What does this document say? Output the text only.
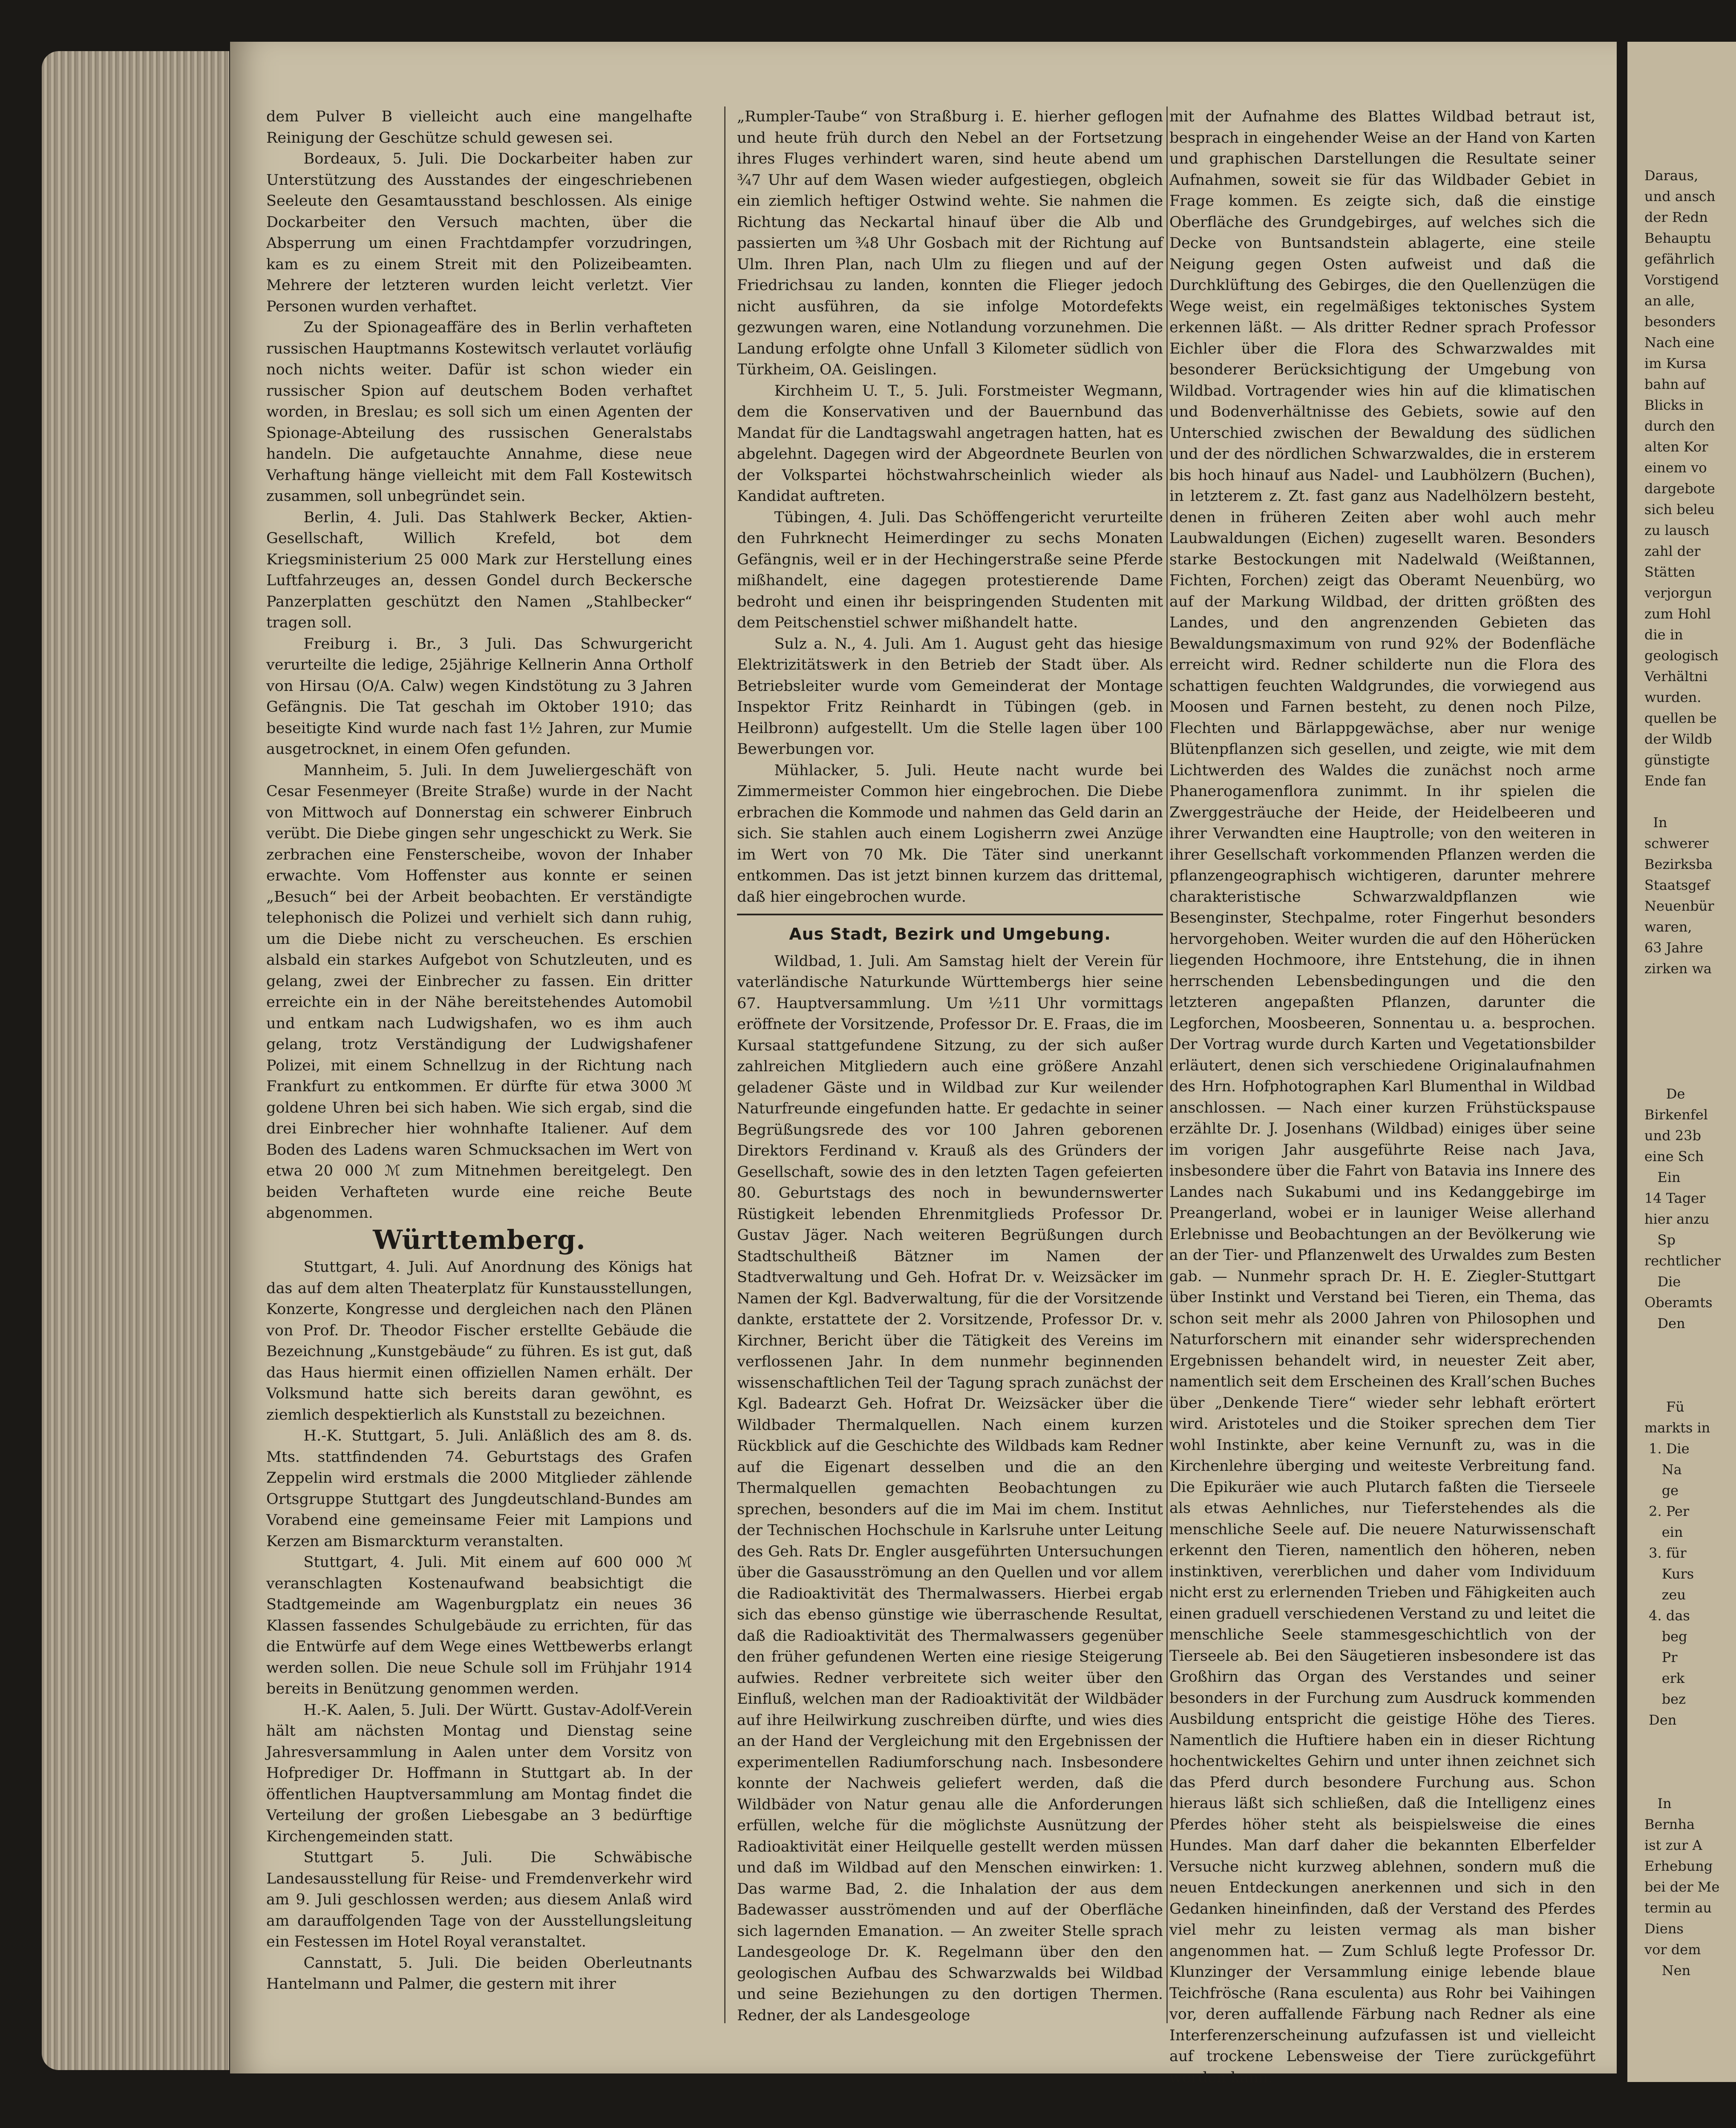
Daraus,
und ansch
der Redn
Behauptu
gefährlich
Vorstigend
an alle,
besonders
Nach eine
im Kursa
bahn auf
Blicks in
durch den
alten Kor
einem vo
dargebote
sich beleu
zu lausch
zahl der
Stätten
verjorgun
zum Hohl
die in
geologisch
Verhältni
wurden.
quellen be
der Wildb
günstigte
Ende fan

In
schwerer
Bezirksba
Staatsgef
Neuenbür
waren,
63 Jahre
zirken wa

De
Birkenfel
und 23b
eine Sch
Ein
14 Tager
hier anzu
Sp
rechtlicher
Die
Oberamts
Den

Fü
markts in
1. Die
Na
ge
2. Per
ein
3. für
Kurs
zeu
4. das
beg
Pr
erk
bez
Den

In
Bernha
ist zur A
Erhebung
bei der Me
termin au
Diens
vor dem
Nen

dem Pulver B vielleicht auch eine mangelhafte Reinigung der Geschütze schuld gewesen sei.

Bordeaux, 5. Juli. Die Dockarbeiter haben zur Unterstützung des Ausstandes der eingeschriebenen Seeleute den Gesamtausstand beschlossen. Als einige Dockarbeiter den Versuch machten, über die Absperrung um einen Frachtdampfer vorzudringen, kam es zu einem Streit mit den Polizeibeamten. Mehrere der letzteren wurden leicht verletzt. Vier Personen wurden verhaftet.

Zu der Spionageaffäre des in Berlin verhafteten russischen Hauptmanns Kostewitsch verlautet vorläufig noch nichts weiter. Dafür ist schon wieder ein russischer Spion auf deutschem Boden verhaftet worden, in Breslau; es soll sich um einen Agenten der Spionage-Abteilung des russischen Generalstabs handeln. Die aufgetauchte Annahme, diese neue Verhaftung hänge vielleicht mit dem Fall Kostewitsch zusammen, soll unbegründet sein.

Berlin, 4. Juli. Das Stahlwerk Becker, Aktien-Gesellschaft, Willich Krefeld, bot dem Kriegsministerium 25 000 Mark zur Herstellung eines Luftfahrzeuges an, dessen Gondel durch Beckersche Panzerplatten geschützt den Namen „Stahlbecker“ tragen soll.

Freiburg i. Br., 3 Juli. Das Schwurgericht verurteilte die ledige, 25jährige Kellnerin Anna Ortholf von Hirsau (O/A. Calw) wegen Kindstötung zu 3 Jahren Gefängnis. Die Tat geschah im Oktober 1910; das beseitigte Kind wurde nach fast 1½ Jahren, zur Mumie ausgetrocknet, in einem Ofen gefunden.

Mannheim, 5. Juli. In dem Juweliergeschäft von Cesar Fesenmeyer (Breite Straße) wurde in der Nacht von Mittwoch auf Donnerstag ein schwerer Einbruch verübt. Die Diebe gingen sehr ungeschickt zu Werk. Sie zerbrachen eine Fensterscheibe, wovon der Inhaber erwachte. Vom Hoffenster aus konnte er seinen „Besuch“ bei der Arbeit beobachten. Er verständigte telephonisch die Polizei und verhielt sich dann ruhig, um die Diebe nicht zu verscheuchen. Es erschien alsbald ein starkes Aufgebot von Schutzleuten, und es gelang, zwei der Einbrecher zu fassen. Ein dritter erreichte ein in der Nähe bereitstehendes Automobil und entkam nach Ludwigshafen, wo es ihm auch gelang, trotz Verständigung der Ludwigshafener Polizei, mit einem Schnellzug in der Richtung nach Frankfurt zu entkommen. Er dürfte für etwa 3000 ℳ goldene Uhren bei sich haben. Wie sich ergab, sind die drei Einbrecher hier wohnhafte Italiener. Auf dem Boden des Ladens waren Schmucksachen im Wert von etwa 20 000 ℳ zum Mitnehmen bereitgelegt. Den beiden Verhafteten wurde eine reiche Beute abgenommen.

Württemberg.

Stuttgart, 4. Juli. Auf Anordnung des Königs hat das auf dem alten Theaterplatz für Kunstausstellungen, Konzerte, Kongresse und dergleichen nach den Plänen von Prof. Dr. Theodor Fischer erstellte Gebäude die Bezeichnung „Kunstgebäude“ zu führen. Es ist gut, daß das Haus hiermit einen offiziellen Namen erhält. Der Volksmund hatte sich bereits daran gewöhnt, es ziemlich despektierlich als Kunststall zu bezeichnen.

H.-K. Stuttgart, 5. Juli. Anläßlich des am 8. ds. Mts. stattfindenden 74. Geburtstags des Grafen Zeppelin wird erstmals die 2000 Mitglieder zählende Ortsgruppe Stuttgart des Jungdeutschland-Bundes am Vorabend eine gemeinsame Feier mit Lampions und Kerzen am Bismarckturm veranstalten.

Stuttgart, 4. Juli. Mit einem auf 600 000 ℳ veranschlagten Kostenaufwand beabsichtigt die Stadtgemeinde am Wagenburgplatz ein neues 36 Klassen fassendes Schulgebäude zu errichten, für das die Entwürfe auf dem Wege eines Wettbewerbs erlangt werden sollen. Die neue Schule soll im Frühjahr 1914 bereits in Benützung genommen werden.

H.-K. Aalen, 5. Juli. Der Württ. Gustav-Adolf-Verein hält am nächsten Montag und Dienstag seine Jahresversammlung in Aalen unter dem Vorsitz von Hofprediger Dr. Hoffmann in Stuttgart ab. In der öffentlichen Hauptversammlung am Montag findet die Verteilung der großen Liebesgabe an 3 bedürftige Kirchengemeinden statt.

Stuttgart 5. Juli. Die Schwäbische Landesausstellung für Reise- und Fremdenverkehr wird am 9. Juli geschlossen werden; aus diesem Anlaß wird am darauffolgenden Tage von der Ausstellungsleitung ein Festessen im Hotel Royal veranstaltet.

Cannstatt, 5. Juli. Die beiden Oberleutnants Hantelmann und Palmer, die gestern mit ihrer

„Rumpler-Taube“ von Straßburg i. E. hierher geflogen und heute früh durch den Nebel an der Fortsetzung ihres Fluges verhindert waren, sind heute abend um ¾7 Uhr auf dem Wasen wieder aufgestiegen, obgleich ein ziemlich heftiger Ostwind wehte. Sie nahmen die Richtung das Neckartal hinauf über die Alb und passierten um ¾8 Uhr Gosbach mit der Richtung auf Ulm. Ihren Plan, nach Ulm zu fliegen und auf der Friedrichsau zu landen, konnten die Flieger jedoch nicht ausführen, da sie infolge Motordefekts gezwungen waren, eine Notlandung vorzunehmen. Die Landung erfolgte ohne Unfall 3 Kilometer südlich von Türkheim, OA. Geislingen.

Kirchheim U. T., 5. Juli. Forstmeister Wegmann, dem die Konservativen und der Bauernbund das Mandat für die Landtagswahl angetragen hatten, hat es abgelehnt. Dagegen wird der Abgeordnete Beurlen von der Volkspartei höchstwahrscheinlich wieder als Kandidat auftreten.

Tübingen, 4. Juli. Das Schöffengericht verurteilte den Fuhrknecht Heimerdinger zu sechs Monaten Gefängnis, weil er in der Hechingerstraße seine Pferde mißhandelt, eine dagegen protestierende Dame bedroht und einen ihr beispringenden Studenten mit dem Peitschenstiel schwer mißhandelt hatte.

Sulz a. N., 4. Juli. Am 1. August geht das hiesige Elektrizitätswerk in den Betrieb der Stadt über. Als Betriebsleiter wurde vom Gemeinderat der Montage Inspektor Fritz Reinhardt in Tübingen (geb. in Heilbronn) aufgestellt. Um die Stelle lagen über 100 Bewerbungen vor.

Mühlacker, 5. Juli. Heute nacht wurde bei Zimmermeister Common hier eingebrochen. Die Diebe erbrachen die Kommode und nahmen das Geld darin an sich. Sie stahlen auch einem Logisherrn zwei Anzüge im Wert von 70 Mk. Die Täter sind unerkannt entkommen. Das ist jetzt binnen kurzem das drittemal, daß hier eingebrochen wurde.

Aus Stadt, Bezirk und Umgebung.

Wildbad, 1. Juli. Am Samstag hielt der Verein für vaterländische Naturkunde Württembergs hier seine 67. Hauptversammlung. Um ½11 Uhr vormittags eröffnete der Vorsitzende, Professor Dr. E. Fraas, die im Kursaal stattgefundene Sitzung, zu der sich außer zahlreichen Mitgliedern auch eine größere Anzahl geladener Gäste und in Wildbad zur Kur weilender Naturfreunde eingefunden hatte. Er gedachte in seiner Begrüßungsrede des vor 100 Jahren geborenen Direktors Ferdinand v. Krauß als des Gründers der Gesellschaft, sowie des in den letzten Tagen gefeierten 80. Geburtstags des noch in bewundernswerter Rüstigkeit lebenden Ehrenmitglieds Professor Dr. Gustav Jäger. Nach weiteren Begrüßungen durch Stadtschultheiß Bätzner im Namen der Stadtverwaltung und Geh. Hofrat Dr. v. Weizsäcker im Namen der Kgl. Badverwaltung, für die der Vorsitzende dankte, erstattete der 2. Vorsitzende, Professor Dr. v. Kirchner, Bericht über die Tätigkeit des Vereins im verflossenen Jahr. In dem nunmehr beginnenden wissenschaftlichen Teil der Tagung sprach zunächst der Kgl. Badearzt Geh. Hofrat Dr. Weizsäcker über die Wildbader Thermalquellen. Nach einem kurzen Rückblick auf die Geschichte des Wildbads kam Redner auf die Eigenart desselben und die an den Thermalquellen gemachten Beobachtungen zu sprechen, besonders auf die im Mai im chem. Institut der Technischen Hochschule in Karlsruhe unter Leitung des Geh. Rats Dr. Engler ausgeführten Untersuchungen über die Gasausströmung an den Quellen und vor allem die Radioaktivität des Thermalwassers. Hierbei ergab sich das ebenso günstige wie überraschende Resultat, daß die Radioaktivität des Thermalwassers gegenüber den früher gefundenen Werten eine riesige Steigerung aufwies. Redner verbreitete sich weiter über den Einfluß, welchen man der Radioaktivität der Wildbäder auf ihre Heilwirkung zuschreiben dürfte, und wies dies an der Hand der Vergleichung mit den Ergebnissen der experimentellen Radiumforschung nach. Insbesondere konnte der Nachweis geliefert werden, daß die Wildbäder von Natur genau alle die Anforderungen erfüllen, welche für die möglichste Ausnützung der Radioaktivität einer Heilquelle gestellt werden müssen und daß im Wildbad auf den Menschen einwirken: 1. Das warme Bad, 2. die Inhalation der aus dem Badewasser ausströmenden und auf der Oberfläche sich lagernden Emanation. — An zweiter Stelle sprach Landesgeologe Dr. K. Regelmann über den den geologischen Aufbau des Schwarzwalds bei Wildbad und seine Beziehungen zu den dortigen Thermen. Redner, der als Landesgeologe

mit der Aufnahme des Blattes Wildbad betraut ist, besprach in eingehender Weise an der Hand von Karten und graphischen Darstellungen die Resultate seiner Aufnahmen, soweit sie für das Wildbader Gebiet in Frage kommen. Es zeigte sich, daß die einstige Oberfläche des Grundgebirges, auf welches sich die Decke von Buntsandstein ablagerte, eine steile Neigung gegen Osten aufweist und daß die Durchklüftung des Gebirges, die den Quellenzügen die Wege weist, ein regelmäßiges tektonisches System erkennen läßt. — Als dritter Redner sprach Professor Eichler über die Flora des Schwarzwaldes mit besonderer Berücksichtigung der Umgebung von Wildbad. Vortragender wies hin auf die klimatischen und Bodenverhältnisse des Gebiets, sowie auf den Unterschied zwischen der Bewaldung des südlichen und der des nördlichen Schwarzwaldes, die in ersterem bis hoch hinauf aus Nadel- und Laubhölzern (Buchen), in letzterem z. Zt. fast ganz aus Nadelhölzern besteht, denen in früheren Zeiten aber wohl auch mehr Laubwaldungen (Eichen) zugesellt waren. Besonders starke Bestockungen mit Nadelwald (Weißtannen, Fichten, Forchen) zeigt das Oberamt Neuenbürg, wo auf der Markung Wildbad, der dritten größten des Landes, und den angrenzenden Gebieten das Bewaldungsmaximum von rund 92% der Bodenfläche erreicht wird. Redner schilderte nun die Flora des schattigen feuchten Waldgrundes, die vorwiegend aus Moosen und Farnen besteht, zu denen noch Pilze, Flechten und Bärlappgewächse, aber nur wenige Blütenpflanzen sich gesellen, und zeigte, wie mit dem Lichtwerden des Waldes die zunächst noch arme Phanerogamenflora zunimmt. In ihr spielen die Zwerggesträuche der Heide, der Heidelbeeren und ihrer Verwandten eine Hauptrolle; von den weiteren in ihrer Gesellschaft vorkommenden Pflanzen werden die pflanzengeographisch wichtigeren, darunter mehrere charakteristische Schwarzwaldpflanzen wie Besenginster, Stechpalme, roter Fingerhut besonders hervorgehoben. Weiter wurden die auf den Höherücken liegenden Hochmoore, ihre Entstehung, die in ihnen herrschenden Lebensbedingungen und die den letzteren angepaßten Pflanzen, darunter die Legforchen, Moosbeeren, Sonnentau u. a. besprochen. Der Vortrag wurde durch Karten und Vegetationsbilder erläutert, denen sich verschiedene Originalaufnahmen des Hrn. Hofphotographen Karl Blumenthal in Wildbad anschlossen. — Nach einer kurzen Frühstückspause erzählte Dr. J. Josenhans (Wildbad) einiges über seine im vorigen Jahr ausgeführte Reise nach Java, insbesondere über die Fahrt von Batavia ins Innere des Landes nach Sukabumi und ins Kedanggebirge im Preangerland, wobei er in launiger Weise allerhand Erlebnisse und Beobachtungen an der Bevölkerung wie an der Tier- und Pflanzenwelt des Urwaldes zum Besten gab. — Nunmehr sprach Dr. H. E. Ziegler-Stuttgart über Instinkt und Verstand bei Tieren, ein Thema, das schon seit mehr als 2000 Jahren von Philosophen und Naturforschern mit einander sehr widersprechenden Ergebnissen behandelt wird, in neuester Zeit aber, namentlich seit dem Erscheinen des Krall’schen Buches über „Denkende Tiere“ wieder sehr lebhaft erörtert wird. Aristoteles und die Stoiker sprechen dem Tier wohl Instinkte, aber keine Vernunft zu, was in die Kirchenlehre überging und weiteste Verbreitung fand. Die Epikuräer wie auch Plutarch faßten die Tierseele als etwas Aehnliches, nur Tieferstehendes als die menschliche Seele auf. Die neuere Naturwissenschaft erkennt den Tieren, namentlich den höheren, neben instinktiven, vererblichen und daher vom Individuum nicht erst zu erlernenden Trieben und Fähigkeiten auch einen graduell verschiedenen Verstand zu und leitet die menschliche Seele stammesgeschichtlich von der Tierseele ab. Bei den Säugetieren insbesondere ist das Großhirn das Organ des Verstandes und seiner besonders in der Furchung zum Ausdruck kommenden Ausbildung entspricht die geistige Höhe des Tieres. Namentlich die Huftiere haben ein in dieser Richtung hochentwickeltes Gehirn und unter ihnen zeichnet sich das Pferd durch besondere Furchung aus. Schon hieraus läßt sich schließen, daß die Intelligenz eines Pferdes höher steht als beispielsweise die eines Hundes. Man darf daher die bekannten Elberfelder Versuche nicht kurzweg ablehnen, sondern muß die neuen Entdeckungen anerkennen und sich in den Gedanken hineinfinden, daß der Verstand des Pferdes viel mehr zu leisten vermag als man bisher angenommen hat. — Zum Schluß legte Professor Dr. Klunzinger der Versammlung einige lebende blaue Teichfrösche (Rana esculenta) aus Rohr bei Vaihingen vor, deren auffallende Färbung nach Redner als eine Interferenzerscheinung aufzufassen ist und vielleicht auf trockene Lebensweise der Tiere zurückgeführt werden kann.
